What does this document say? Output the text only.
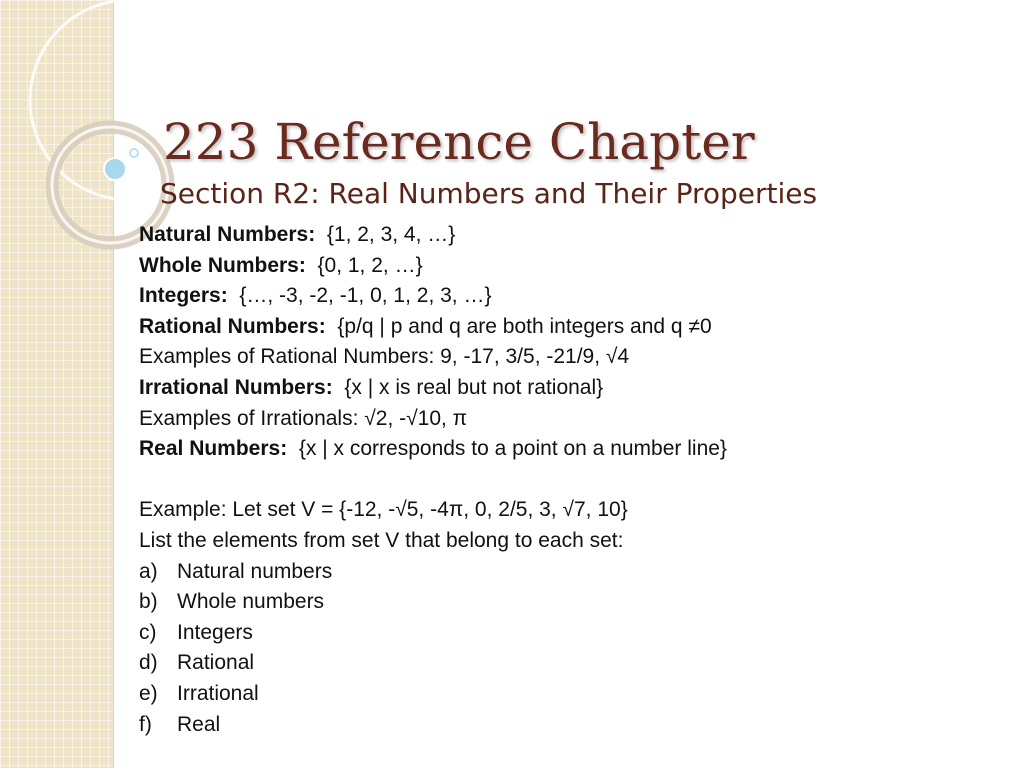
223 Reference Chapter
Section R2: Real Numbers and Their Properties
Natural Numbers: {1, 2, 3, 4, …}
Whole Numbers: {0, 1, 2, …}
Integers: {…, -3, -2, -1, 0, 1, 2, 3, …}
Rational Numbers: {p/q | p and q are both integers and q ≠0
Examples of Rational Numbers: 9, -17, 3/5, -21/9, √4
Irrational Numbers: {x | x is real but not rational}
Examples of Irrationals: √2, -√10, π
Real Numbers: {x | x corresponds to a point on a number line}
Example: Let set V = {-12, -√5, -4π, 0, 2/5, 3, √7, 10}
List the elements from set V that belong to each set:
a) Natural numbers
b) Whole numbers
c) Integers
d) Rational
e) Irrational
f) Real
